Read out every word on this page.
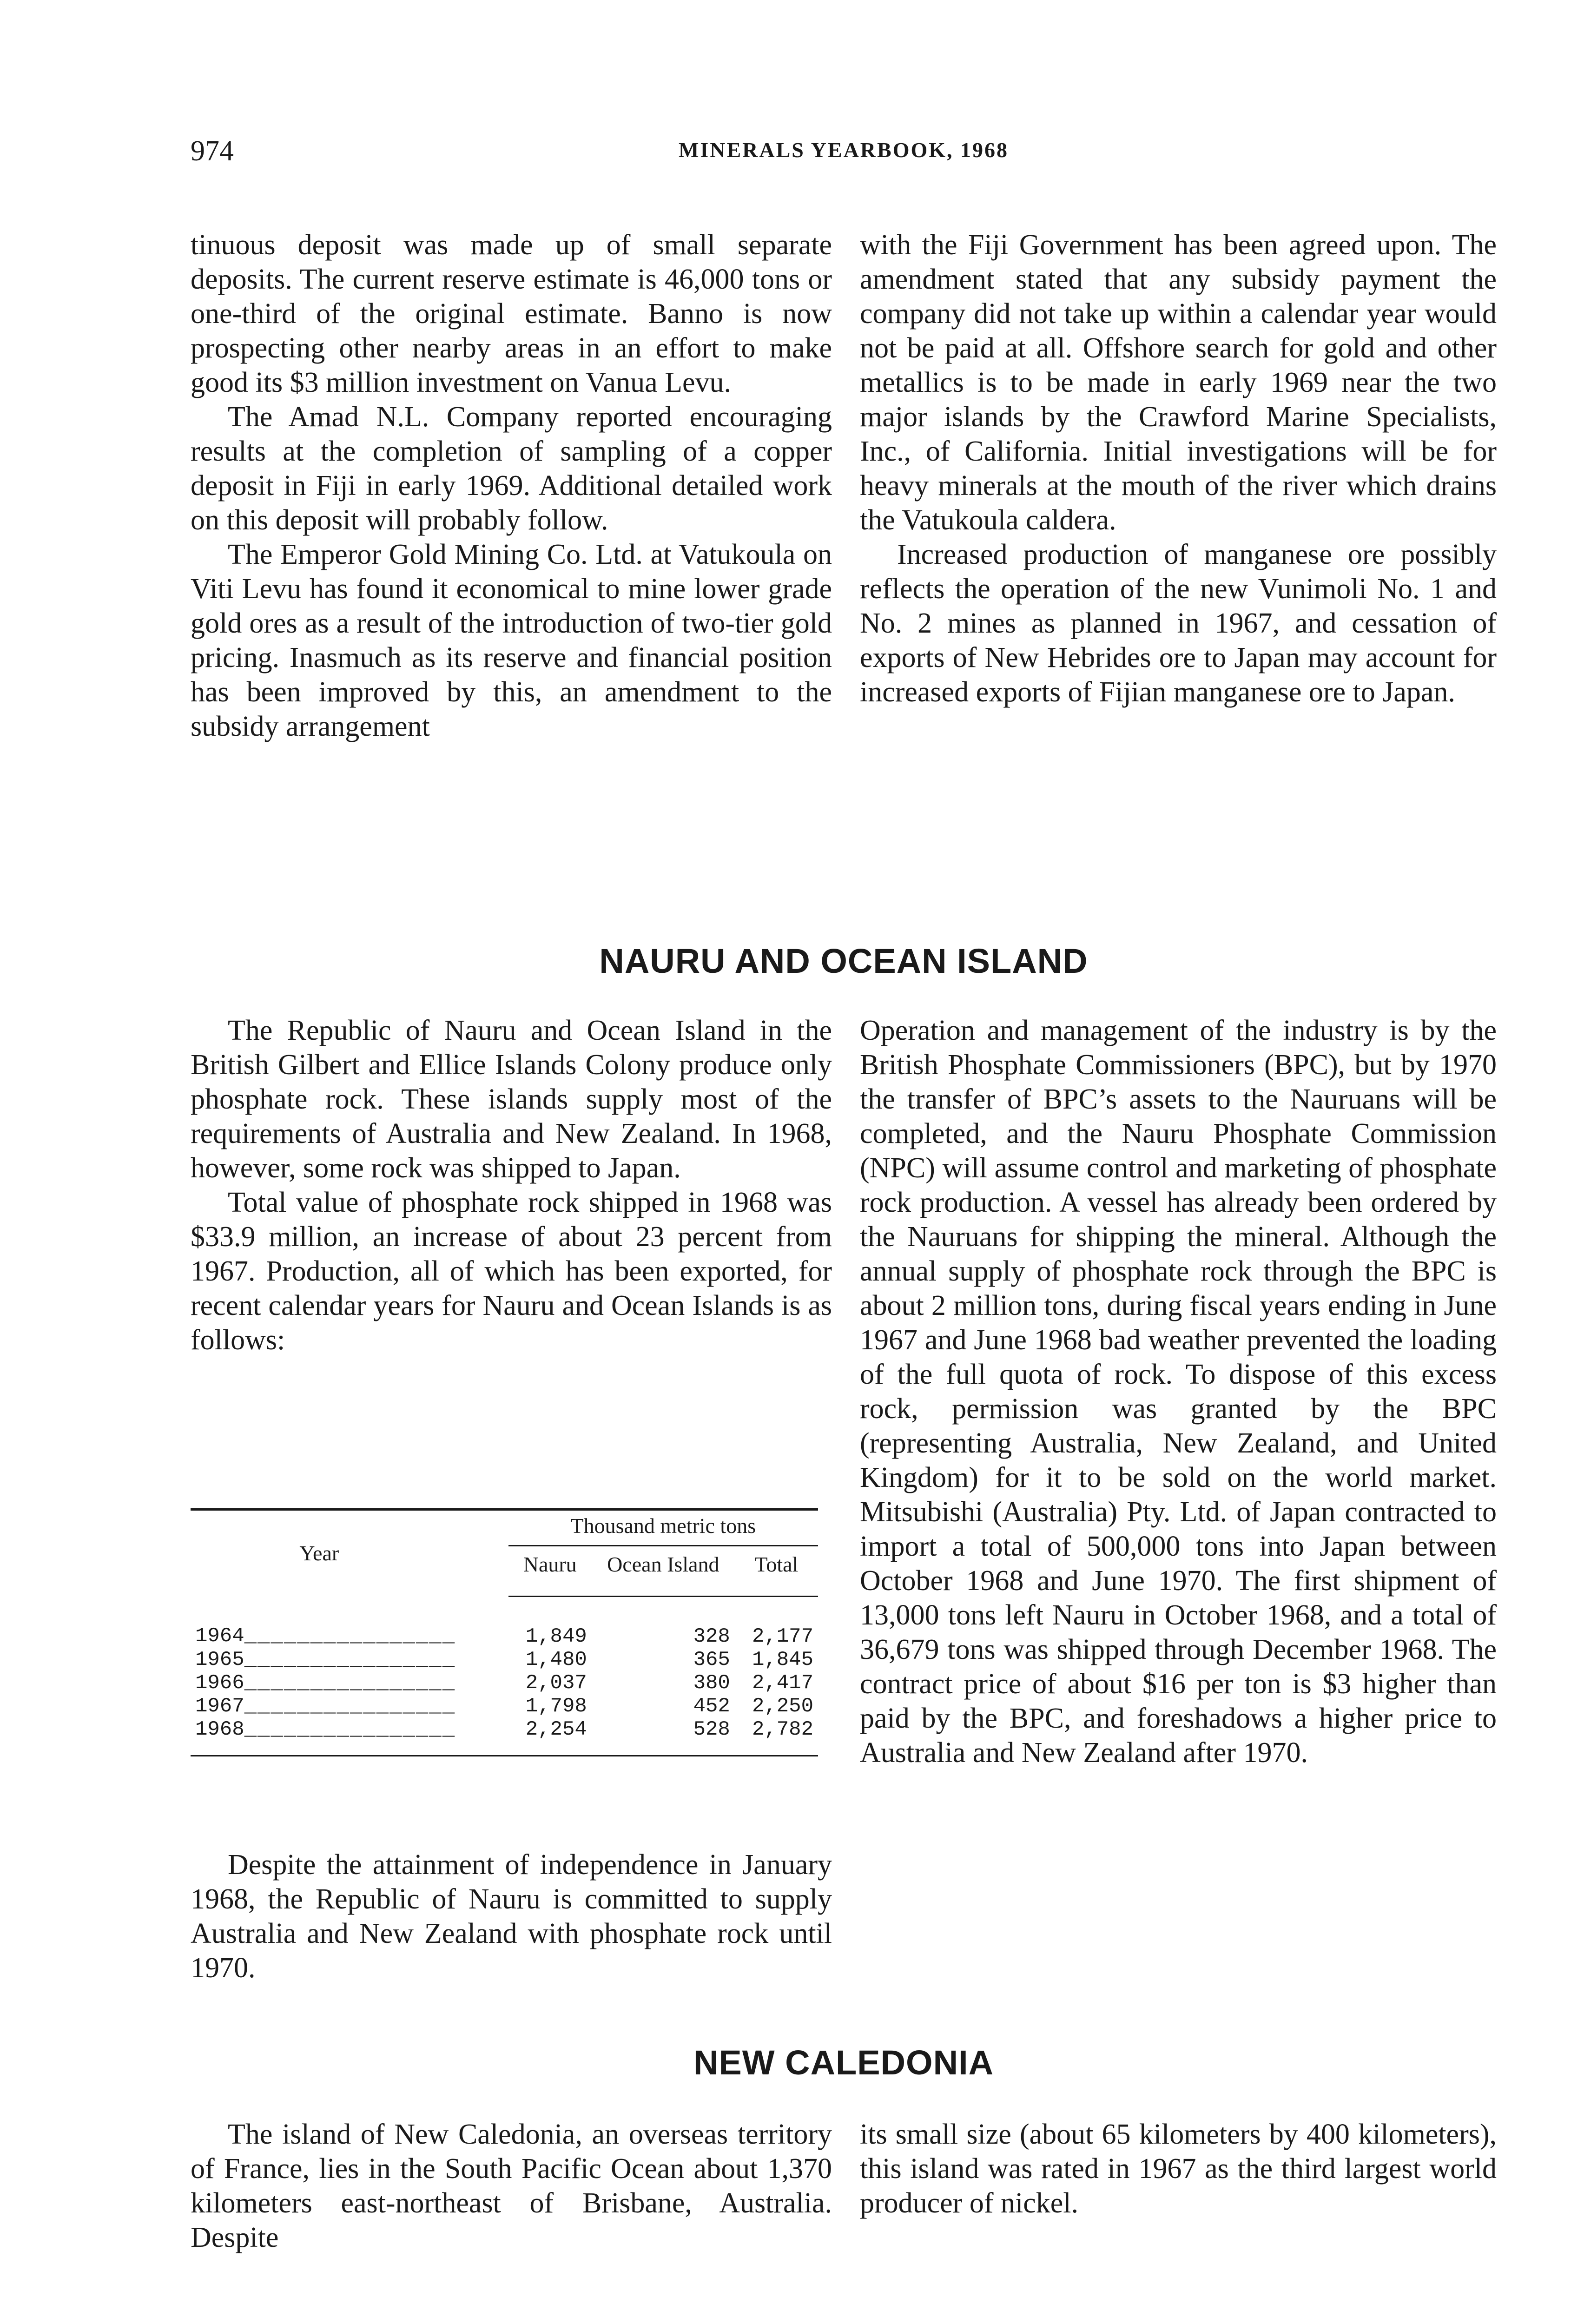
974	MINERALS YEARBOOK, 1968

tinuous deposit was made up of small separate deposits. The current reserve estimate is 46,000 tons or one-third of the original estimate. Banno is now prospecting other nearby areas in an effort to make good its $3 million investment on Vanua Levu.

The Amad N.L. Company reported encouraging results at the completion of sampling of a copper deposit in Fiji in early 1969. Additional detailed work on this deposit will probably follow.

The Emperor Gold Mining Co. Ltd. at Vatukoula on Viti Levu has found it economical to mine lower grade gold ores as a result of the introduction of two-tier gold pricing. Inasmuch as its reserve and financial position has been improved by this, an amendment to the subsidy arrangement

with the Fiji Government has been agreed upon. The amendment stated that any subsidy payment the company did not take up within a calendar year would not be paid at all. Offshore search for gold and other metallics is to be made in early 1969 near the two major islands by the Crawford Marine Specialists, Inc., of California. Initial investigations will be for heavy minerals at the mouth of the river which drains the Vatukoula caldera.

Increased production of manganese ore possibly reflects the operation of the new Vunimoli No. 1 and No. 2 mines as planned in 1967, and cessation of exports of New Hebrides ore to Japan may account for increased exports of Fijian manganese ore to Japan.

NAURU AND OCEAN ISLAND

The Republic of Nauru and Ocean Island in the British Gilbert and Ellice Islands Colony produce only phosphate rock. These islands supply most of the requirements of Australia and New Zealand. In 1968, however, some rock was shipped to Japan.

Total value of phosphate rock shipped in 1968 was $33.9 million, an increase of about 23 percent from 1967. Production, all of which has been exported, for recent calendar years for Nauru and Ocean Islands is as follows:

Year	Thousand metric tons		
	Nauru	Ocean Island	Total
1964________________	1,849	328	2,177
1965________________	1,480	365	1,845
1966________________	2,037	380	2,417
1967________________	1,798	452	2,250
1968________________	2,254	528	2,782

Despite the attainment of independence in January 1968, the Republic of Nauru is committed to supply Australia and New Zealand with phosphate rock until 1970.

Operation and management of the industry is by the British Phosphate Commissioners (BPC), but by 1970 the transfer of BPC’s assets to the Nauruans will be completed, and the Nauru Phosphate Commission (NPC) will assume control and marketing of phosphate rock production. A vessel has already been ordered by the Nauruans for shipping the mineral. Although the annual supply of phosphate rock through the BPC is about 2 million tons, during fiscal years ending in June 1967 and June 1968 bad weather prevented the loading of the full quota of rock. To dispose of this excess rock, permission was granted by the BPC (representing Australia, New Zealand, and United Kingdom) for it to be sold on the world market. Mitsubishi (Australia) Pty. Ltd. of Japan contracted to import a total of 500,000 tons into Japan between October 1968 and June 1970. The first shipment of 13,000 tons left Nauru in October 1968, and a total of 36,679 tons was shipped through December 1968. The contract price of about $16 per ton is $3 higher than paid by the BPC, and foreshadows a higher price to Australia and New Zealand after 1970.

NEW CALEDONIA

The island of New Caledonia, an overseas territory of France, lies in the South Pacific Ocean about 1,370 kilometers east-northeast of Brisbane, Australia. Despite

its small size (about 65 kilometers by 400 kilometers), this island was rated in 1967 as the third largest world producer of nickel.
